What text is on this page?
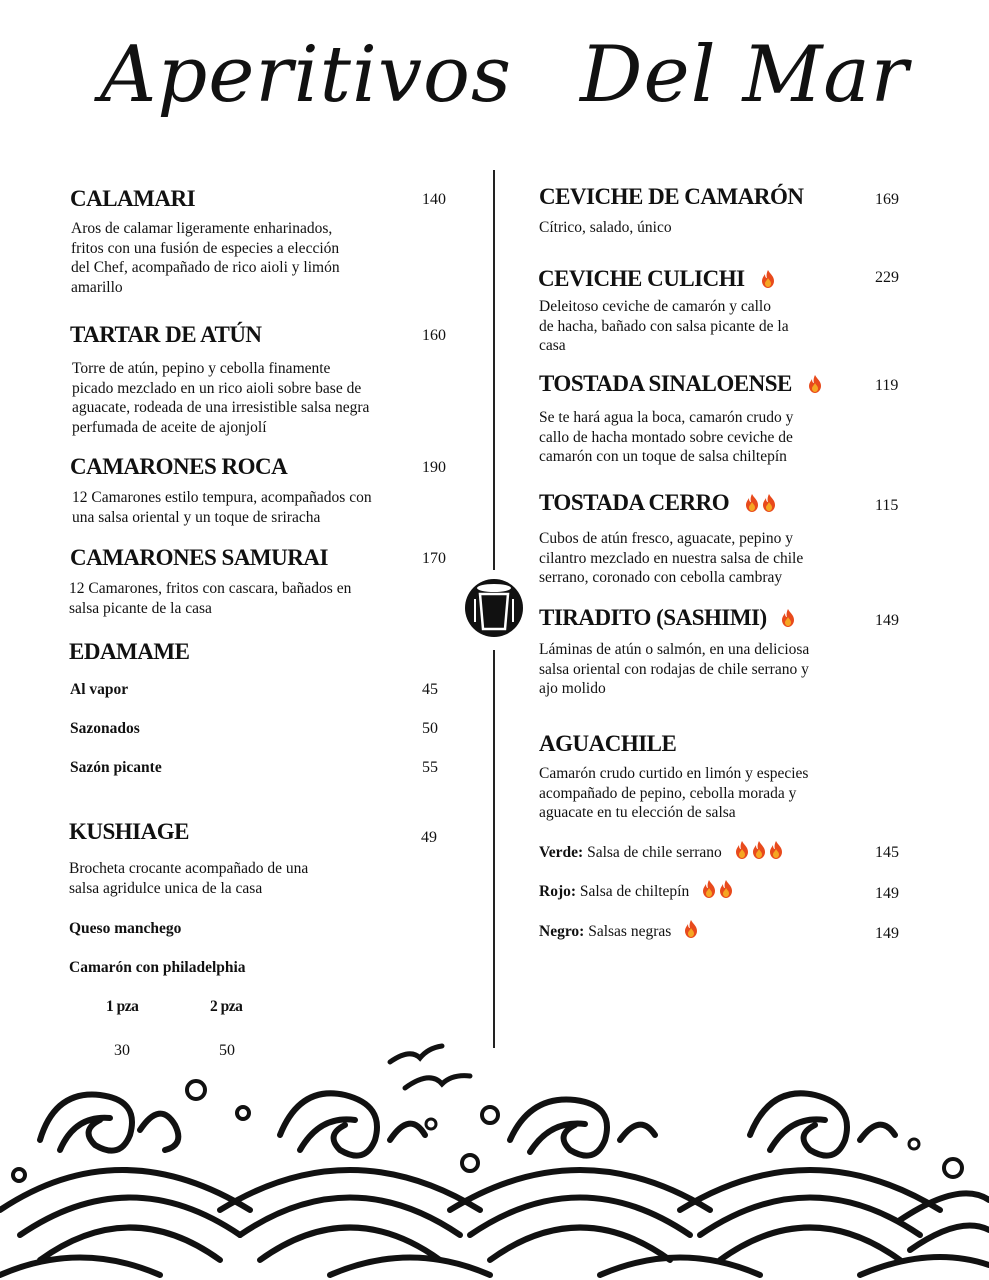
Aperitivos Del Mar
CALAMARI	140
Aros de calamar ligeramente enharinados, fritos con una fusión de especies a elección del Chef, acompañado de rico aioli y limón amarillo
TARTAR DE ATÚN	160
Torre de atún, pepino y cebolla finamente picado mezclado en un rico aioli sobre base de aguacate, rodeada de una irresistible salsa negra perfumada de aceite de ajonjolí
CAMARONES ROCA	190
12 Camarones estilo tempura, acompañados con una salsa oriental y un toque de sriracha
CAMARONES SAMURAI	170
12 Camarones, fritos con cascara, bañados en salsa picante de la casa
EDAMAME
Al vapor	45
Sazonados	50
Sazón picante	55
KUSHIAGE	49
Brocheta crocante acompañado de una salsa agridulce unica de la casa
Queso manchego
Camarón con philadelphia
1 pza	2 pza
30	50
CEVICHE DE CAMARÓN	169
Cítrico, salado, único
CEVICHE CULICHI	229
Deleitoso ceviche de camarón y callo de hacha, bañado con salsa picante de la casa
TOSTADA SINALOENSE	119
Se te hará agua la boca, camarón crudo y callo de hacha montado sobre ceviche de camarón con un toque de salsa chiltepín
TOSTADA CERRO	115
Cubos de atún fresco, aguacate, pepino y cilantro mezclado en nuestra salsa de chile serrano, coronado con cebolla cambray
TIRADITO (SASHIMI)	149
Láminas de atún o salmón, en una deliciosa salsa oriental con rodajas de chile serrano y ajo molido
AGUACHILE
Camarón crudo curtido en limón y especies acompañado de pepino, cebolla morada y aguacate en tu elección de salsa
Verde: Salsa de chile serrano	145
Rojo: Salsa de chiltepín	149
Negro: Salsas negras	149
